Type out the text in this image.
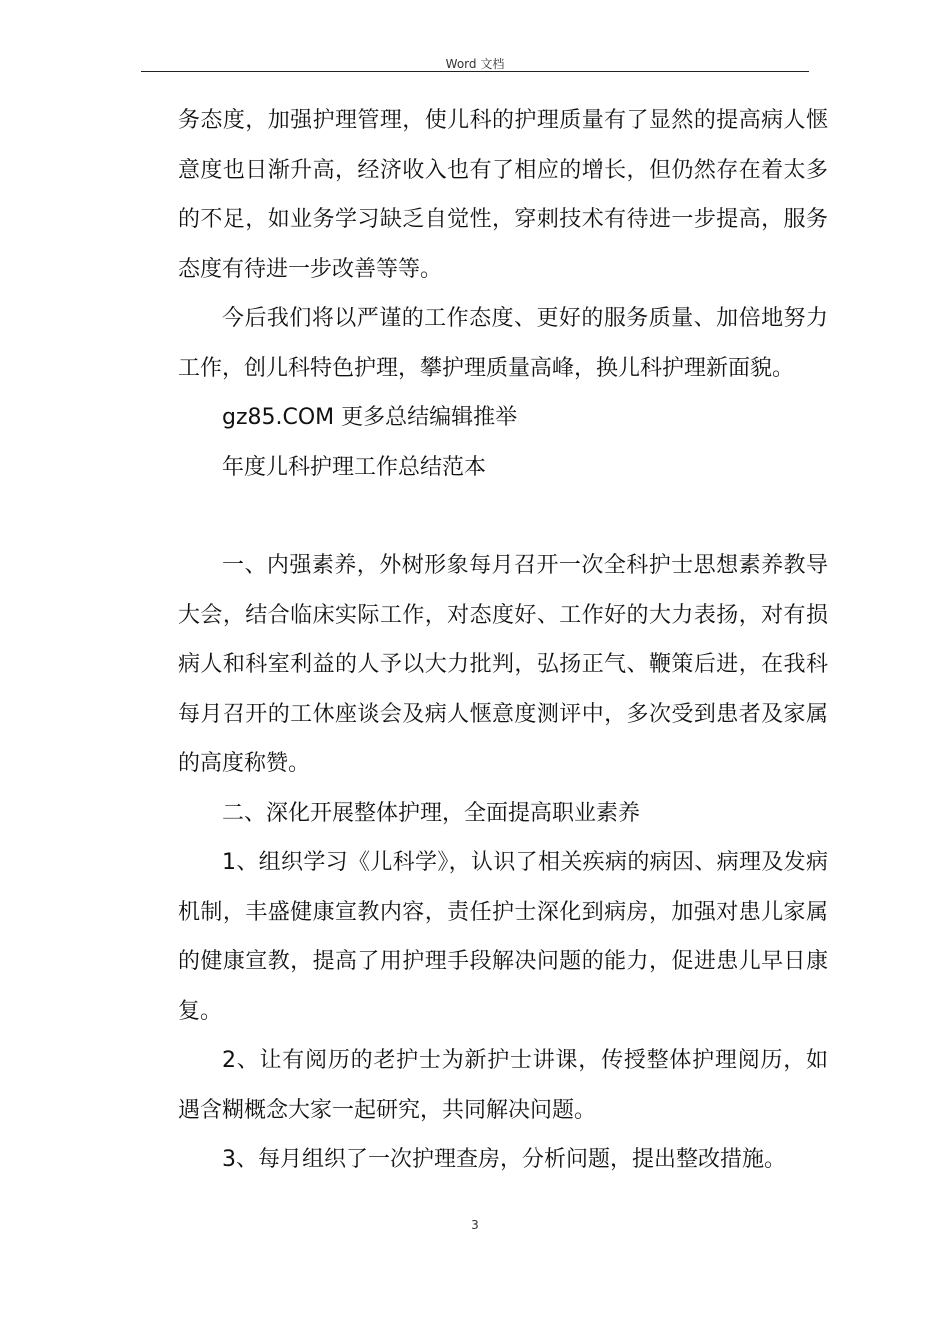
Word 文档

务态度，加强护理管理，使儿科的护理质量有了显然的提高病人惬意度也日渐升高，经济收入也有了相应的增长，但仍然存在着太多的不足，如业务学习缺乏自觉性，穿刺技术有待进一步提高，服务态度有待进一步改善等等。

今后我们将以严谨的工作态度、更好的服务质量、加倍地努力工作，创儿科特色护理，攀护理质量高峰，换儿科护理新面貌。

gz85.COM 更多总结编辑推举

年度儿科护理工作总结范本

一、内强素养，外树形象每月召开一次全科护士思想素养教导大会，结合临床实际工作，对态度好、工作好的大力表扬，对有损病人和科室利益的人予以大力批判，弘扬正气、鞭策后进，在我科每月召开的工休座谈会及病人惬意度测评中，多次受到患者及家属的高度称赞。

二、深化开展整体护理，全面提高职业素养

1、组织学习《儿科学》，认识了相关疾病的病因、病理及发病机制，丰盛健康宣教内容，责任护士深化到病房，加强对患儿家属的健康宣教，提高了用护理手段解决问题的能力，促进患儿早日康复。

2、让有阅历的老护士为新护士讲课，传授整体护理阅历，如遇含糊概念大家一起研究，共同解决问题。

3、每月组织了一次护理查房，分析问题，提出整改措施。

3
